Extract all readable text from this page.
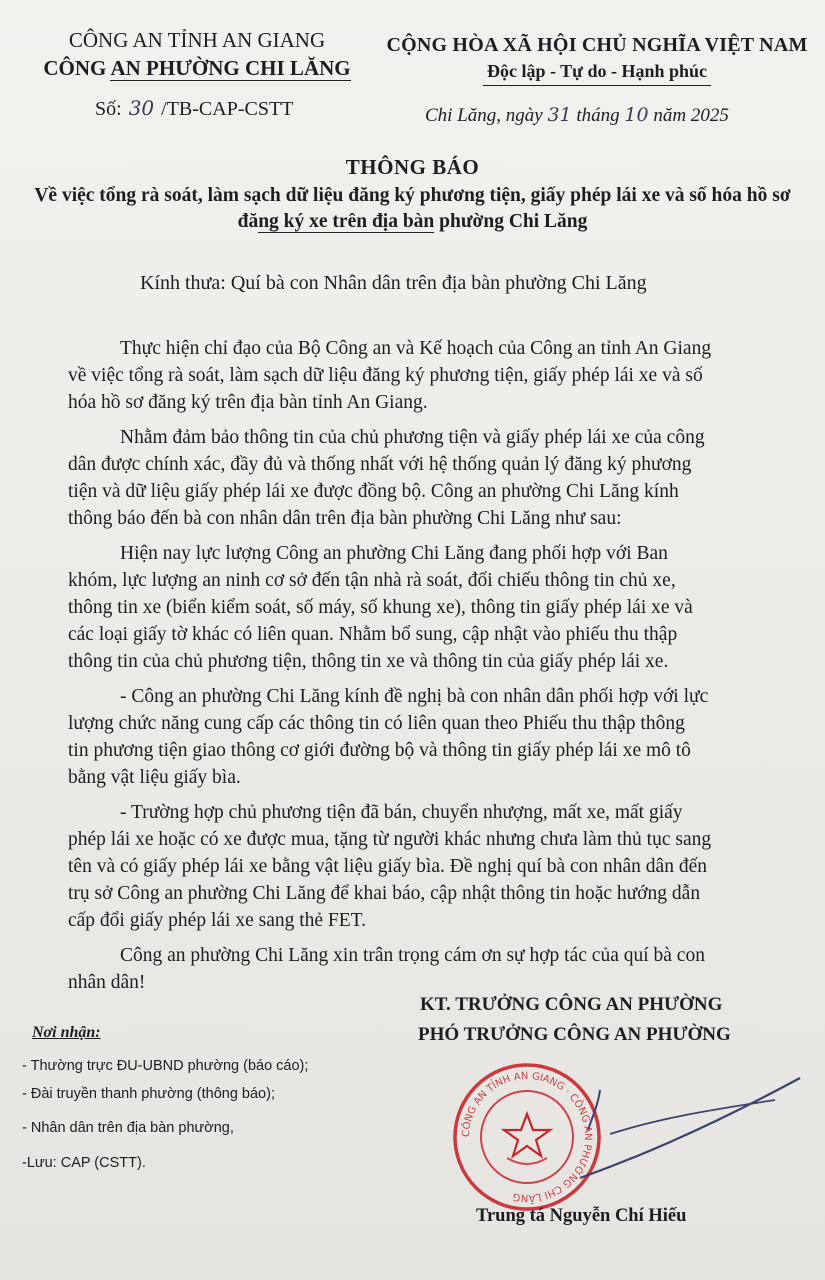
CÔNG AN TỈNH AN GIANG
CÔNG AN PHƯỜNG CHI LĂNG
CỘNG HÒA XÃ HỘI CHỦ NGHĨA VIỆT NAM
Độc lập - Tự do - Hạnh phúc
Số: 30 /TB-CAP-CSTT	Chi Lăng, ngày 31 tháng 10 năm 2025
THÔNG BÁO
Về việc tổng rà soát, làm sạch dữ liệu đăng ký phương tiện, giấy phép lái xe và số hóa hồ sơ đăng ký xe trên địa bàn phường Chi Lăng
Kính thưa: Quí bà con Nhân dân trên địa bàn phường Chi Lăng
Thực hiện chỉ đạo của Bộ Công an và Kế hoạch của Công an tỉnh An Giang
về việc tổng rà soát, làm sạch dữ liệu đăng ký phương tiện, giấy phép lái xe và số
hóa hồ sơ đăng ký trên địa bàn tỉnh An Giang.
Nhằm đảm bảo thông tin của chủ phương tiện và giấy phép lái xe của công
dân được chính xác, đầy đủ và thống nhất với hệ thống quản lý đăng ký phương
tiện và dữ liệu giấy phép lái xe được đồng bộ. Công an phường Chi Lăng kính
thông báo đến bà con nhân dân trên địa bàn phường Chi Lăng như sau:
Hiện nay lực lượng Công an phường Chi Lăng đang phối hợp với Ban
khóm, lực lượng an ninh cơ sở đến tận nhà rà soát, đối chiếu thông tin chủ xe,
thông tin xe (biển kiểm soát, số máy, số khung xe), thông tin giấy phép lái xe và
các loại giấy tờ khác có liên quan. Nhằm bổ sung, cập nhật vào phiếu thu thập
thông tin của chủ phương tiện, thông tin xe và thông tin của giấy phép lái xe.
- Công an phường Chi Lăng kính đề nghị bà con nhân dân phối hợp với lực
lượng chức năng cung cấp các thông tin có liên quan theo Phiếu thu thập thông
tin phương tiện giao thông cơ giới đường bộ và thông tin giấy phép lái xe mô tô
bằng vật liệu giấy bìa.
- Trường hợp chủ phương tiện đã bán, chuyển nhượng, mất xe, mất giấy
phép lái xe hoặc có xe được mua, tặng từ người khác nhưng chưa làm thủ tục sang
tên và có giấy phép lái xe bằng vật liệu giấy bìa. Đề nghị quí bà con nhân dân đến
trụ sở Công an phường Chi Lăng để khai báo, cập nhật thông tin hoặc hướng dẫn
cấp đổi giấy phép lái xe sang thẻ FET.
Công an phường Chi Lăng xin trân trọng cám ơn sự hợp tác của quí bà con
nhân dân!
KT. TRƯỞNG CÔNG AN PHƯỜNG
PHÓ TRƯỞNG CÔNG AN PHƯỜNG
Nơi nhận:
- Thường trực ĐU-UBND phường (báo cáo);
- Đài truyền thanh phường (thông báo);
- Nhân dân trên địa bàn phường,
-Lưu: CAP (CSTT).
CÔNG AN TỈNH AN GIANG · CÔNG AN PHƯỜNG CHI LĂNG
Trung tá Nguyễn Chí Hiếu
